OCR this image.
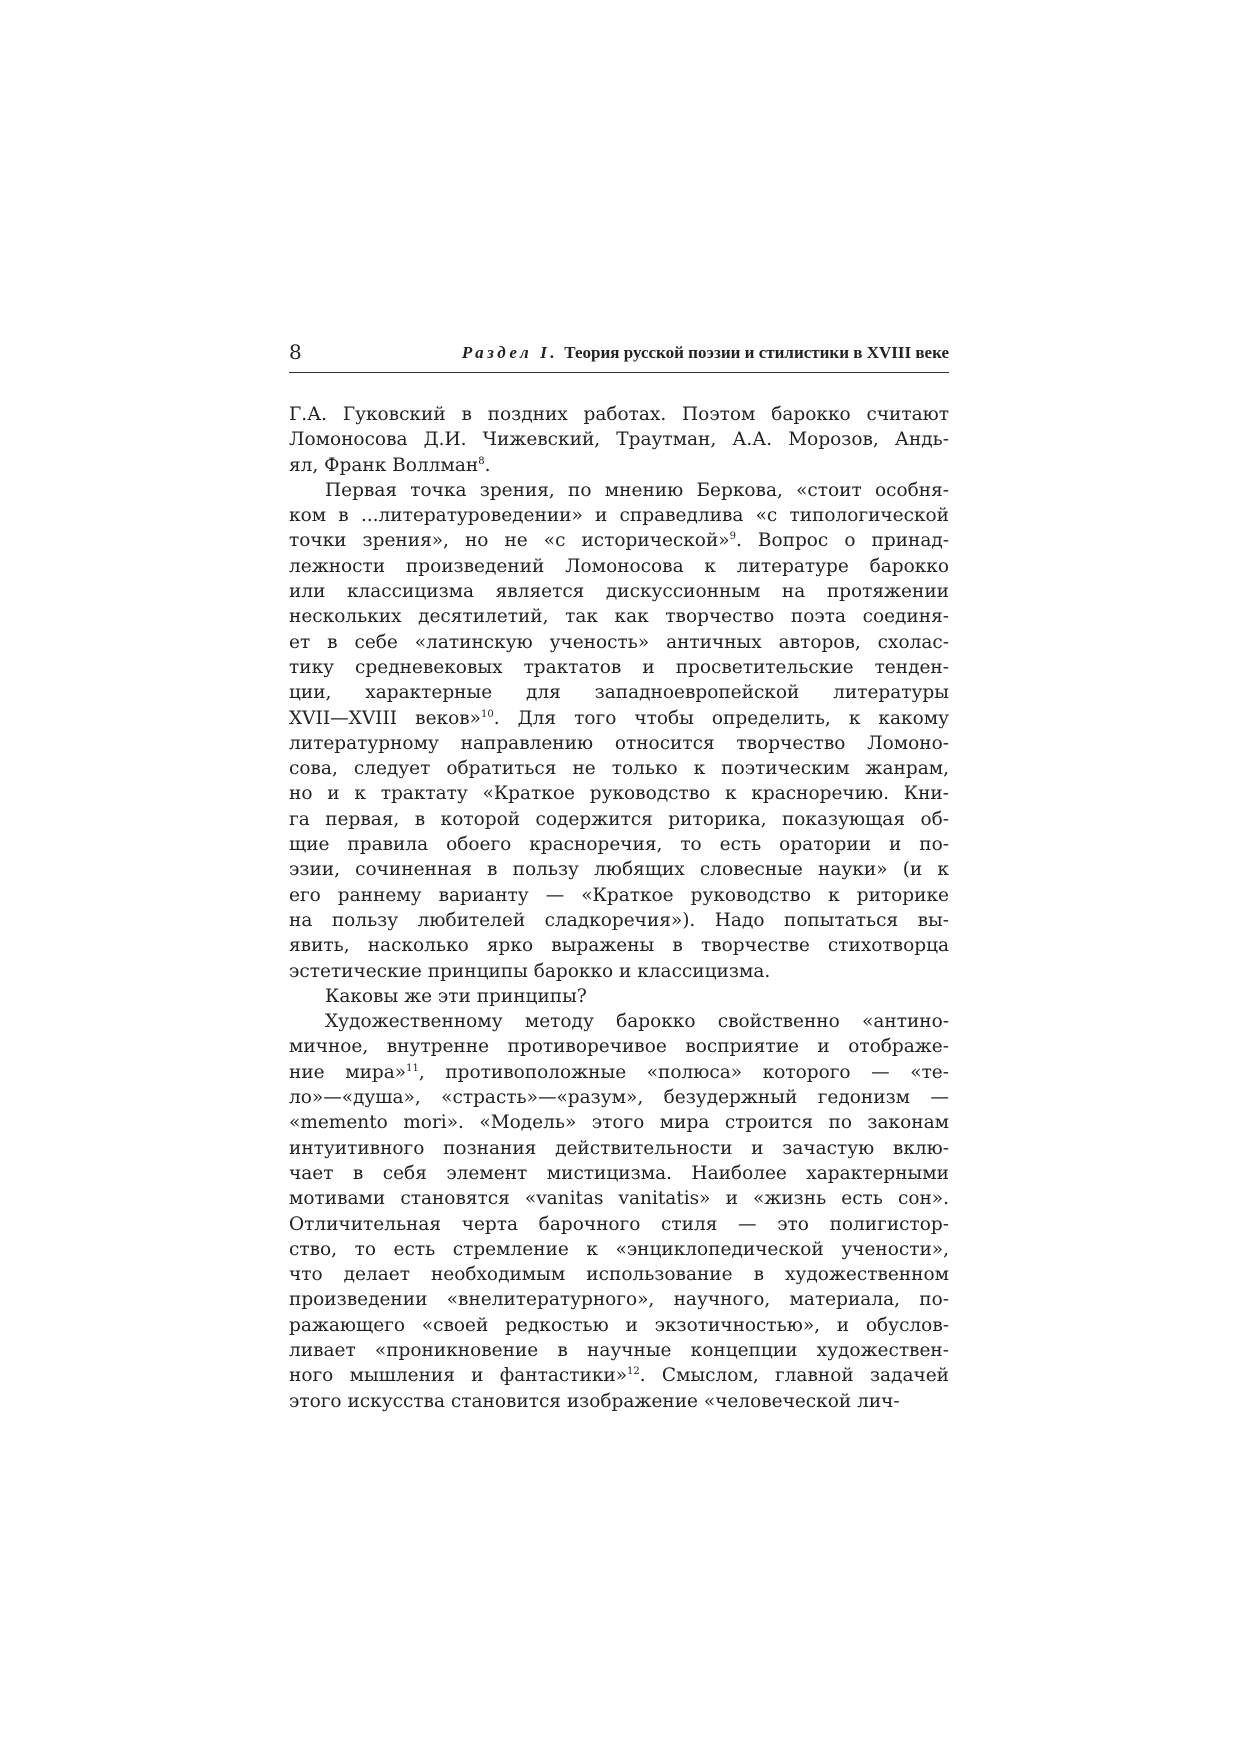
8	Раздел I. Теория русской поэзии и стилистики в XVIII веке

Г.А. Гуковский в поздних работах. Поэтом барокко считают
Ломоносова Д.И. Чижевский, Траутман, А.А. Морозов, Андь-
ял, Франк Воллман$^8$.

Первая точка зрения, по мнению Беркова, «стоит особня-
ком в ...литературоведении» и справедлива «с типологической
точки зрения», но не «с исторической»$^9$. Вопрос о принад-
лежности произведений Ломоносова к литературе барокко
или классицизма является дискуссионным на протяжении
нескольких десятилетий, так как творчество поэта соединя-
ет в себе «латинскую ученость» античных авторов, схолас-
тику средневековых трактатов и просветительские тенден-
ции, характерные для западноевропейской литературы
XVII—XVIII веков»$^{10}$. Для того чтобы определить, к какому
литературному направлению относится творчество Ломоно-
сова, следует обратиться не только к поэтическим жанрам,
но и к трактату «Краткое руководство к красноречию. Кни-
га первая, в которой содержится риторика, показующая об-
щие правила обоего красноречия, то есть оратории и по-
эзии, сочиненная в пользу любящих словесные науки» (и к
его раннему варианту — «Краткое руководство к риторике
на пользу любителей сладкоречия»). Надо попытаться вы-
явить, насколько ярко выражены в творчестве стихотворца
эстетические принципы барокко и классицизма.

Каковы же эти принципы?

Художественному методу барокко свойственно «антино-
мичное, внутренне противоречивое восприятие и отображе-
ние мира»$^{11}$, противоположные «полюса» которого — «те-
ло»—«душа», «страсть»—«разум», безудержный гедонизм —
«memento mori». «Модель» этого мира строится по законам
интуитивного познания действительности и зачастую вклю-
чает в себя элемент мистицизма. Наиболее характерными
мотивами становятся «vanitas vanitatis» и «жизнь есть сон».
Отличительная черта барочного стиля — это полигистор-
ство, то есть стремление к «энциклопедической учености»,
что делает необходимым использование в художественном
произведении «внелитературного», научного, материала, по-
ражающего «своей редкостью и экзотичностью», и обуслов-
ливает «проникновение в научные концепции художествен-
ного мышления и фантастики»$^{12}$. Смыслом, главной задачей
этого искусства становится изображение «человеческой лич-
